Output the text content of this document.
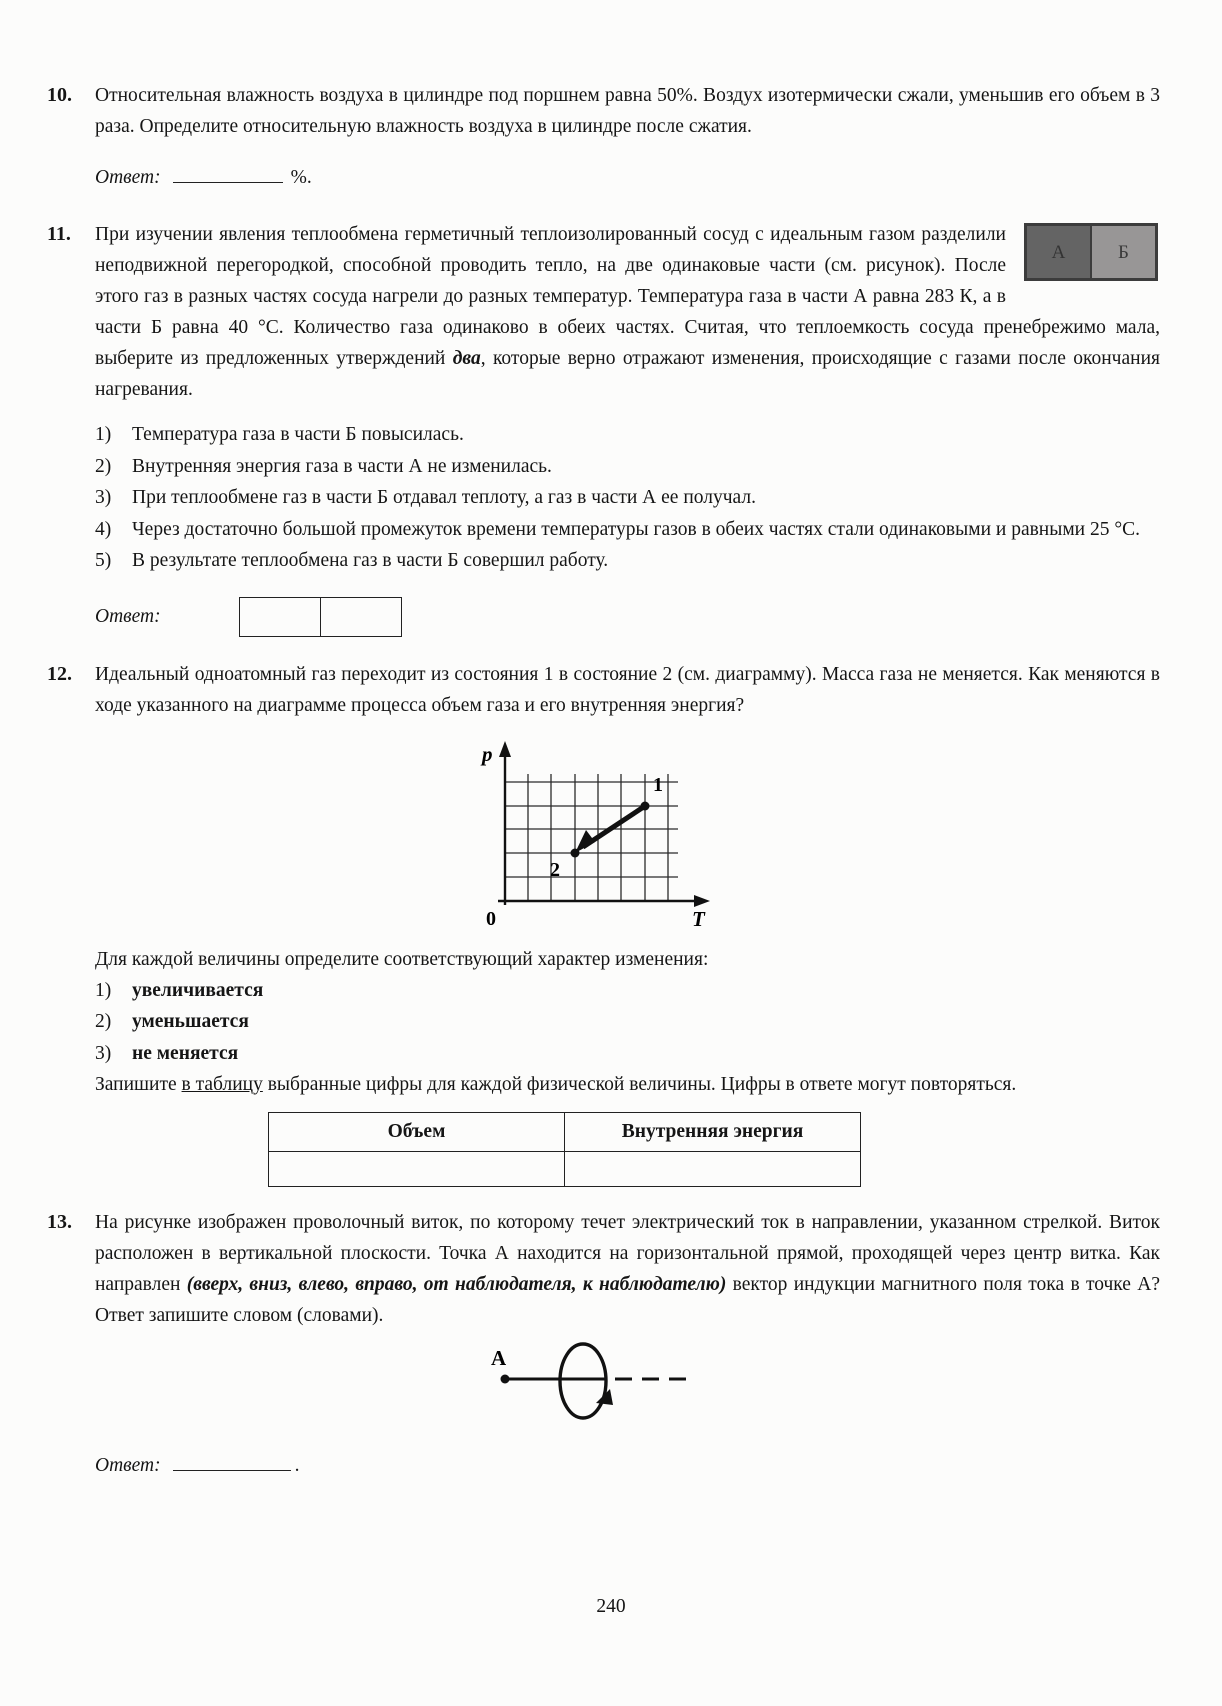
10. Относительная влажность воздуха в цилиндре под поршнем равна 50%. Воздух изотермически сжали, уменьшив его объем в 3 раза. Определите относительную влажность воздуха в цилиндре после сжатия.
Ответ:	%.
11.
А	Б
При изучении явления теплообмена герметичный теплоизолированный сосуд с идеальным газом разделили неподвижной перегородкой, способной проводить тепло, на две одинаковые части (см. рисунок). После этого газ в разных частях сосуда нагрели до разных температур. Температура газа в части А равна 283 К, а в части Б равна 40 °С. Количество газа одинаково в обеих частях. Считая, что теплоемкость сосуда пренебрежимо мала, выберите из предложенных утверждений два, которые верно отражают изменения, происходящие с газами после окончания нагревания.
1) Температура газа в части Б повысилась.
2) Внутренняя энергия газа в части А не изменилась.
3) При теплообмене газ в части Б отдавал теплоту, а газ в части А ее получал.
4) Через достаточно большой промежуток времени температуры газов в обеих частях стали одинаковыми и равными 25 °С.
5) В результате теплообмена газ в части Б совершил работу.
Ответ:
12. Идеальный одноатомный газ переходит из состояния 1 в состояние 2 (см. диаграмму). Масса газа не меняется. Как меняются в ходе указанного на диаграмме процесса объем газа и его внутренняя энергия?
p
T
0
1
2
Для каждой величины определите соответствующий характер изменения:
1) увеличивается
2) уменьшается
3) не меняется
Запишите в таблицу выбранные цифры для каждой физической величины. Цифры в ответе могут повторяться.
Объем	Внутренняя энергия

13. На рисунке изображен проволочный виток, по которому течет электрический ток в направлении, указанном стрелкой. Виток расположен в вертикальной плоскости. Точка А находится на горизонтальной прямой, проходящей через центр витка. Как направлен (вверх, вниз, влево, вправо, от наблюдателя, к наблюдателю) вектор индукции магнитного поля тока в точке А? Ответ запишите словом (словами).
А
Ответ:	.
240
